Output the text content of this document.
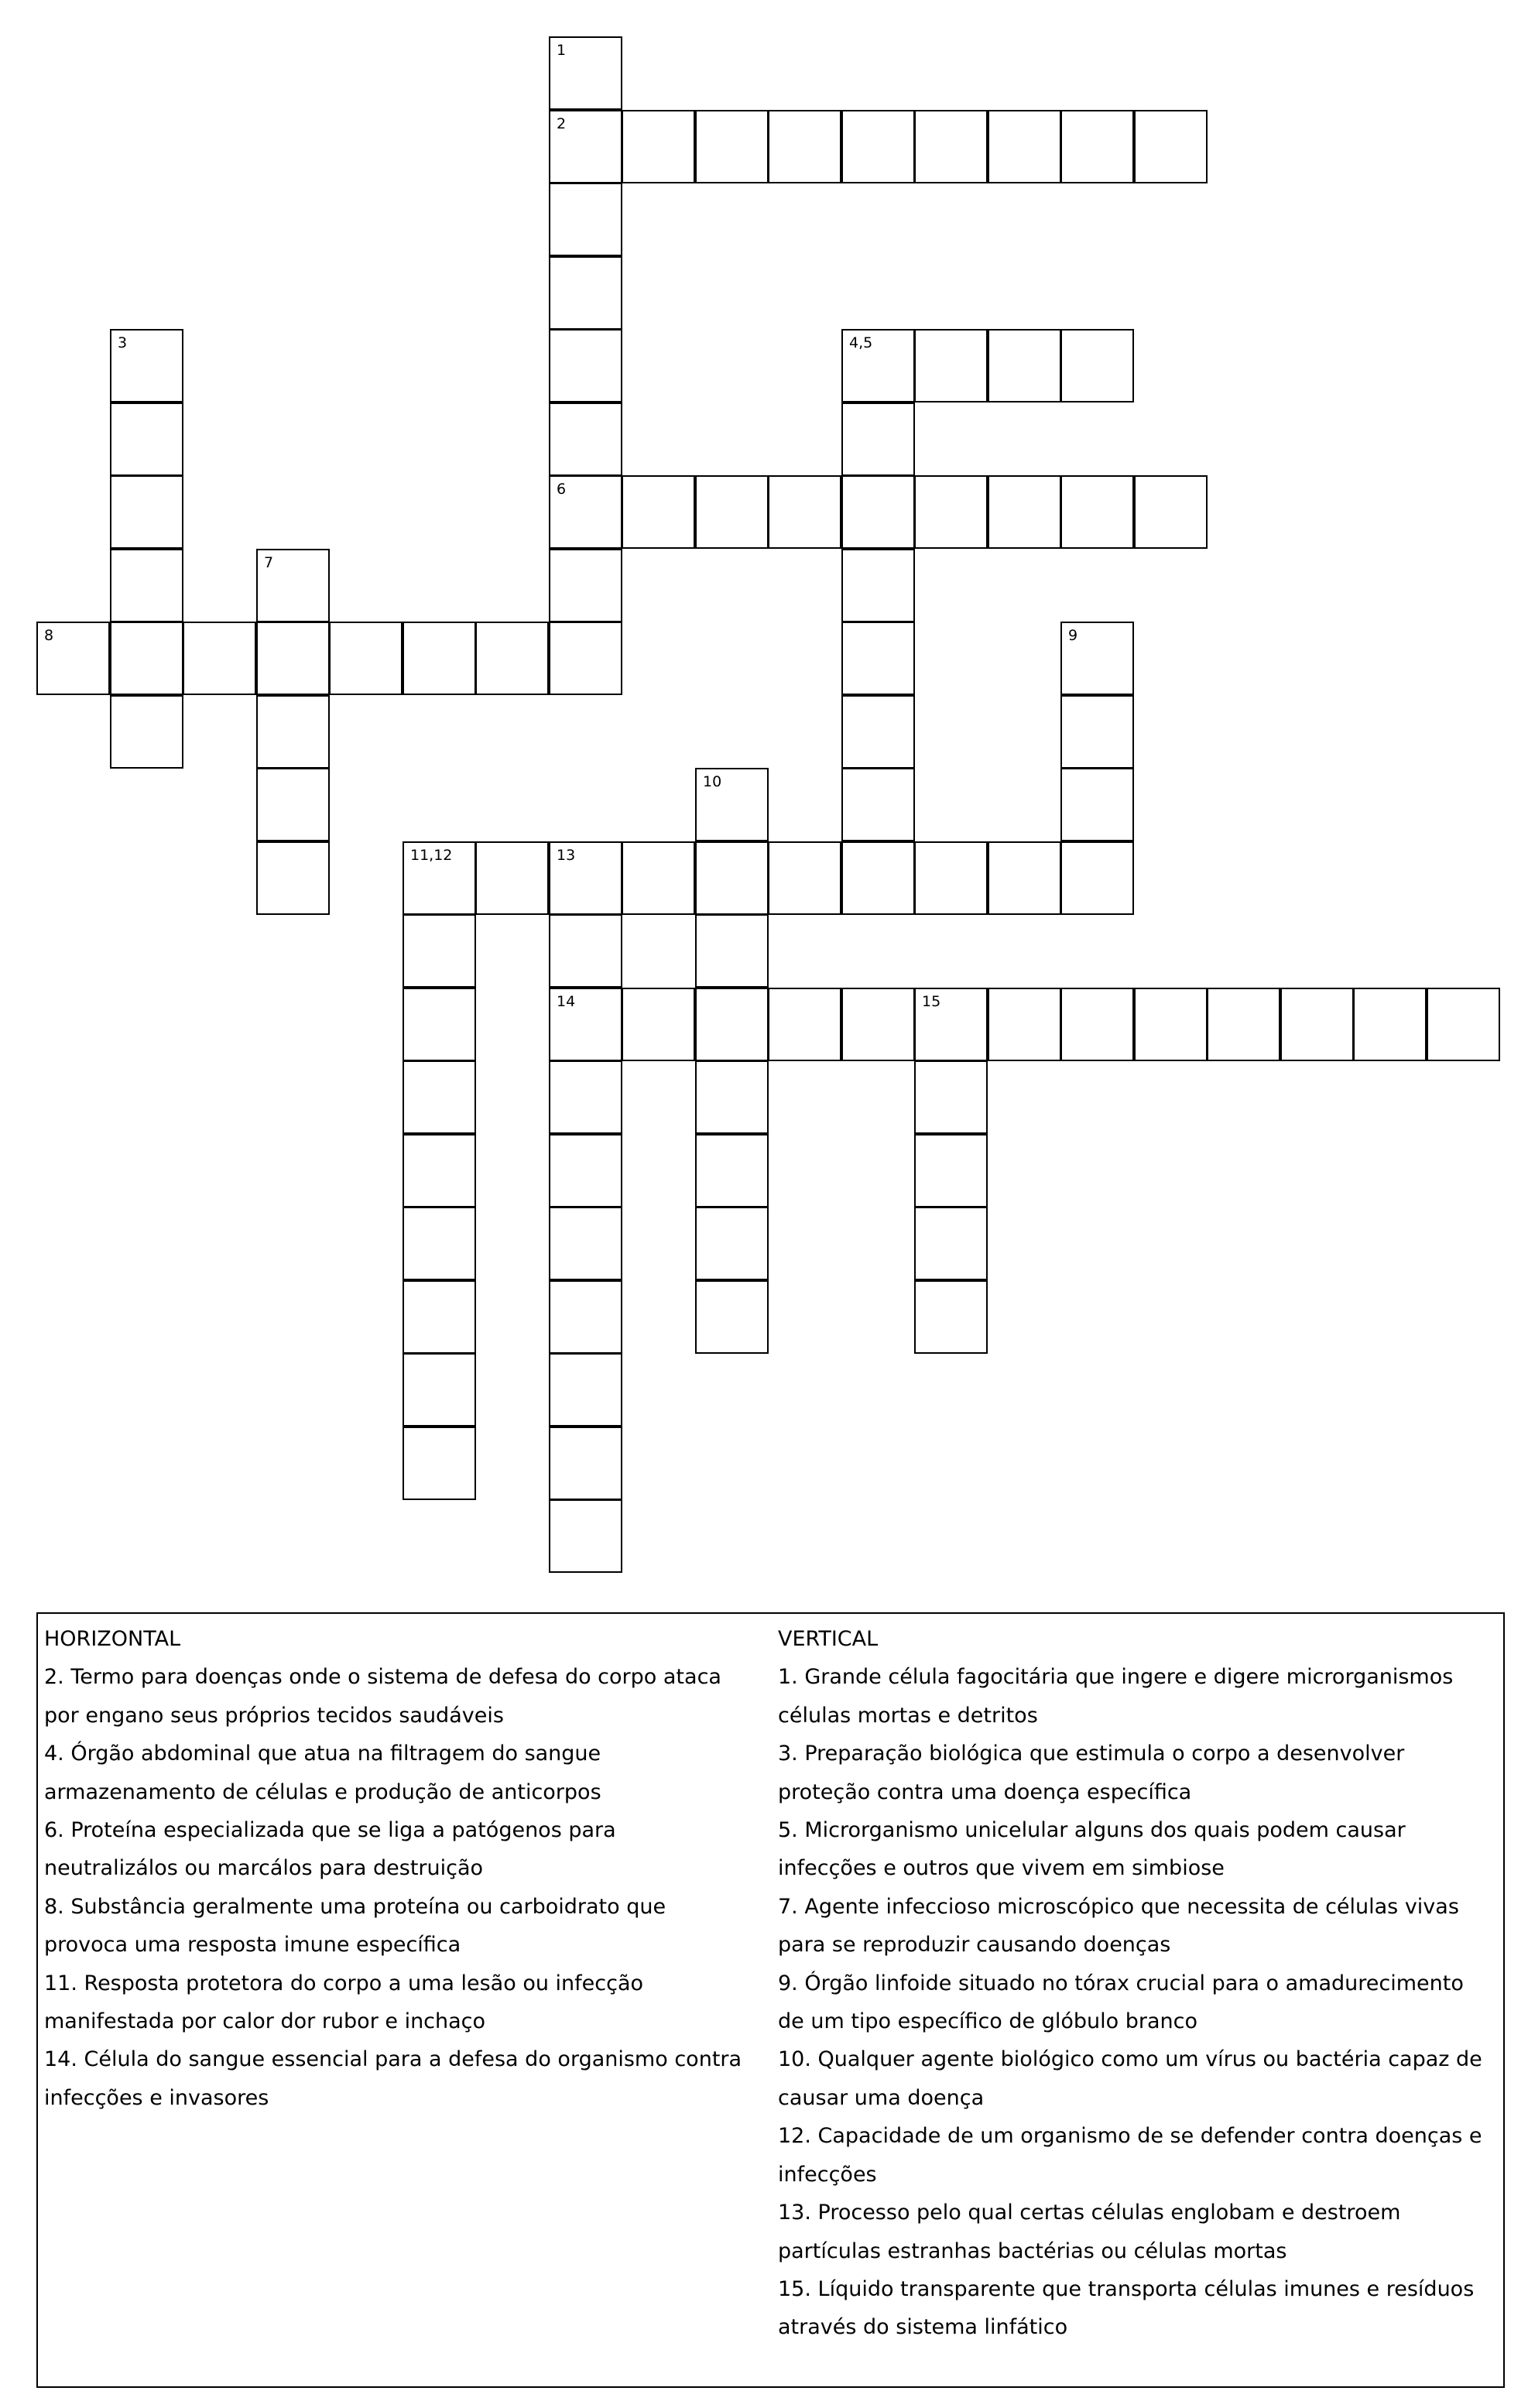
1
2
6
3	4,5
7
8	9
10
11,12	13
14	15

HORIZONTAL

2. Termo para doenças onde o sistema de defesa do corpo ataca por engano seus próprios tecidos saudáveis

4. Órgão abdominal que atua na filtragem do sangue armazenamento de células e produção de anticorpos

6. Proteína especializada que se liga a patógenos para neutralizálos ou marcálos para destruição

8. Substância geralmente uma proteína ou carboidrato que provoca uma resposta imune específica

11. Resposta protetora do corpo a uma lesão ou infecção manifestada por calor dor rubor e inchaço

14. Célula do sangue essencial para a defesa do organismo contra infecções e invasores

VERTICAL

1. Grande célula fagocitária que ingere e digere microrganismos células mortas e detritos

3. Preparação biológica que estimula o corpo a desenvolver proteção contra uma doença específica

5. Microrganismo unicelular alguns dos quais podem causar infecções e outros que vivem em simbiose

7. Agente infeccioso microscópico que necessita de células vivas para se reproduzir causando doenças

9. Órgão linfoide situado no tórax crucial para o amadurecimento de um tipo específico de glóbulo branco

10. Qualquer agente biológico como um vírus ou bactéria capaz de causar uma doença

12. Capacidade de um organismo de se defender contra doenças e infecções

13. Processo pelo qual certas células englobam e destroem partículas estranhas bactérias ou células mortas

15. Líquido transparente que transporta células imunes e resíduos através do sistema linfático
